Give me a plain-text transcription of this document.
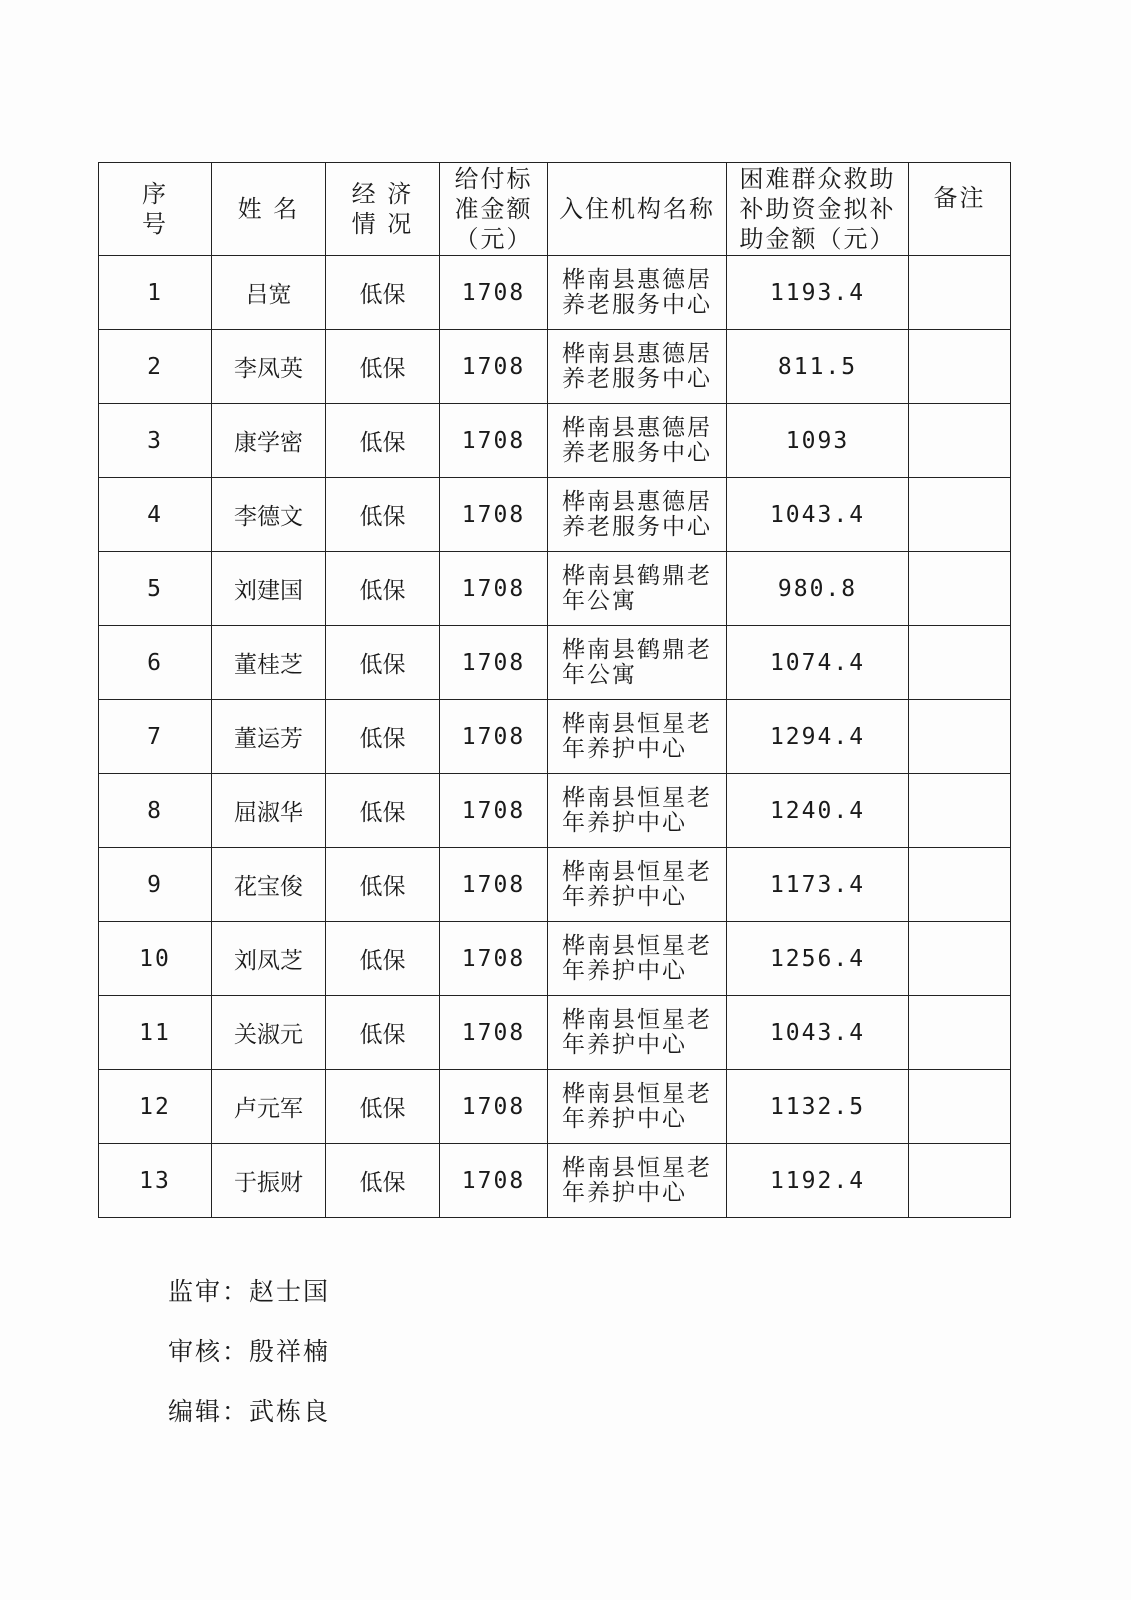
序号	姓 名	经 济 情 况	给付标准金额（元）	入住机构名称	困难群众救助补助资金拟补助金额（元）	备注

1	吕宽	低保	1708	桦南县惠德居养老服务中心	1193.4	
2	李凤英	低保	1708	桦南县惠德居养老服务中心	811.5	
3	康学密	低保	1708	桦南县惠德居养老服务中心	1093	
4	李德文	低保	1708	桦南县惠德居养老服务中心	1043.4	
5	刘建国	低保	1708	桦南县鹤鼎老年公寓	980.8	
6	董桂芝	低保	1708	桦南县鹤鼎老年公寓	1074.4	
7	董运芳	低保	1708	桦南县恒星老年养护中心	1294.4	
8	屈淑华	低保	1708	桦南县恒星老年养护中心	1240.4	
9	花宝俊	低保	1708	桦南县恒星老年养护中心	1173.4	
10	刘凤芝	低保	1708	桦南县恒星老年养护中心	1256.4	
11	关淑元	低保	1708	桦南县恒星老年养护中心	1043.4	
12	卢元军	低保	1708	桦南县恒星老年养护中心	1132.5	
13	于振财	低保	1708	桦南县恒星老年养护中心	1192.4	
监审：赵士国
审核：殷祥楠
编辑：武栋良
